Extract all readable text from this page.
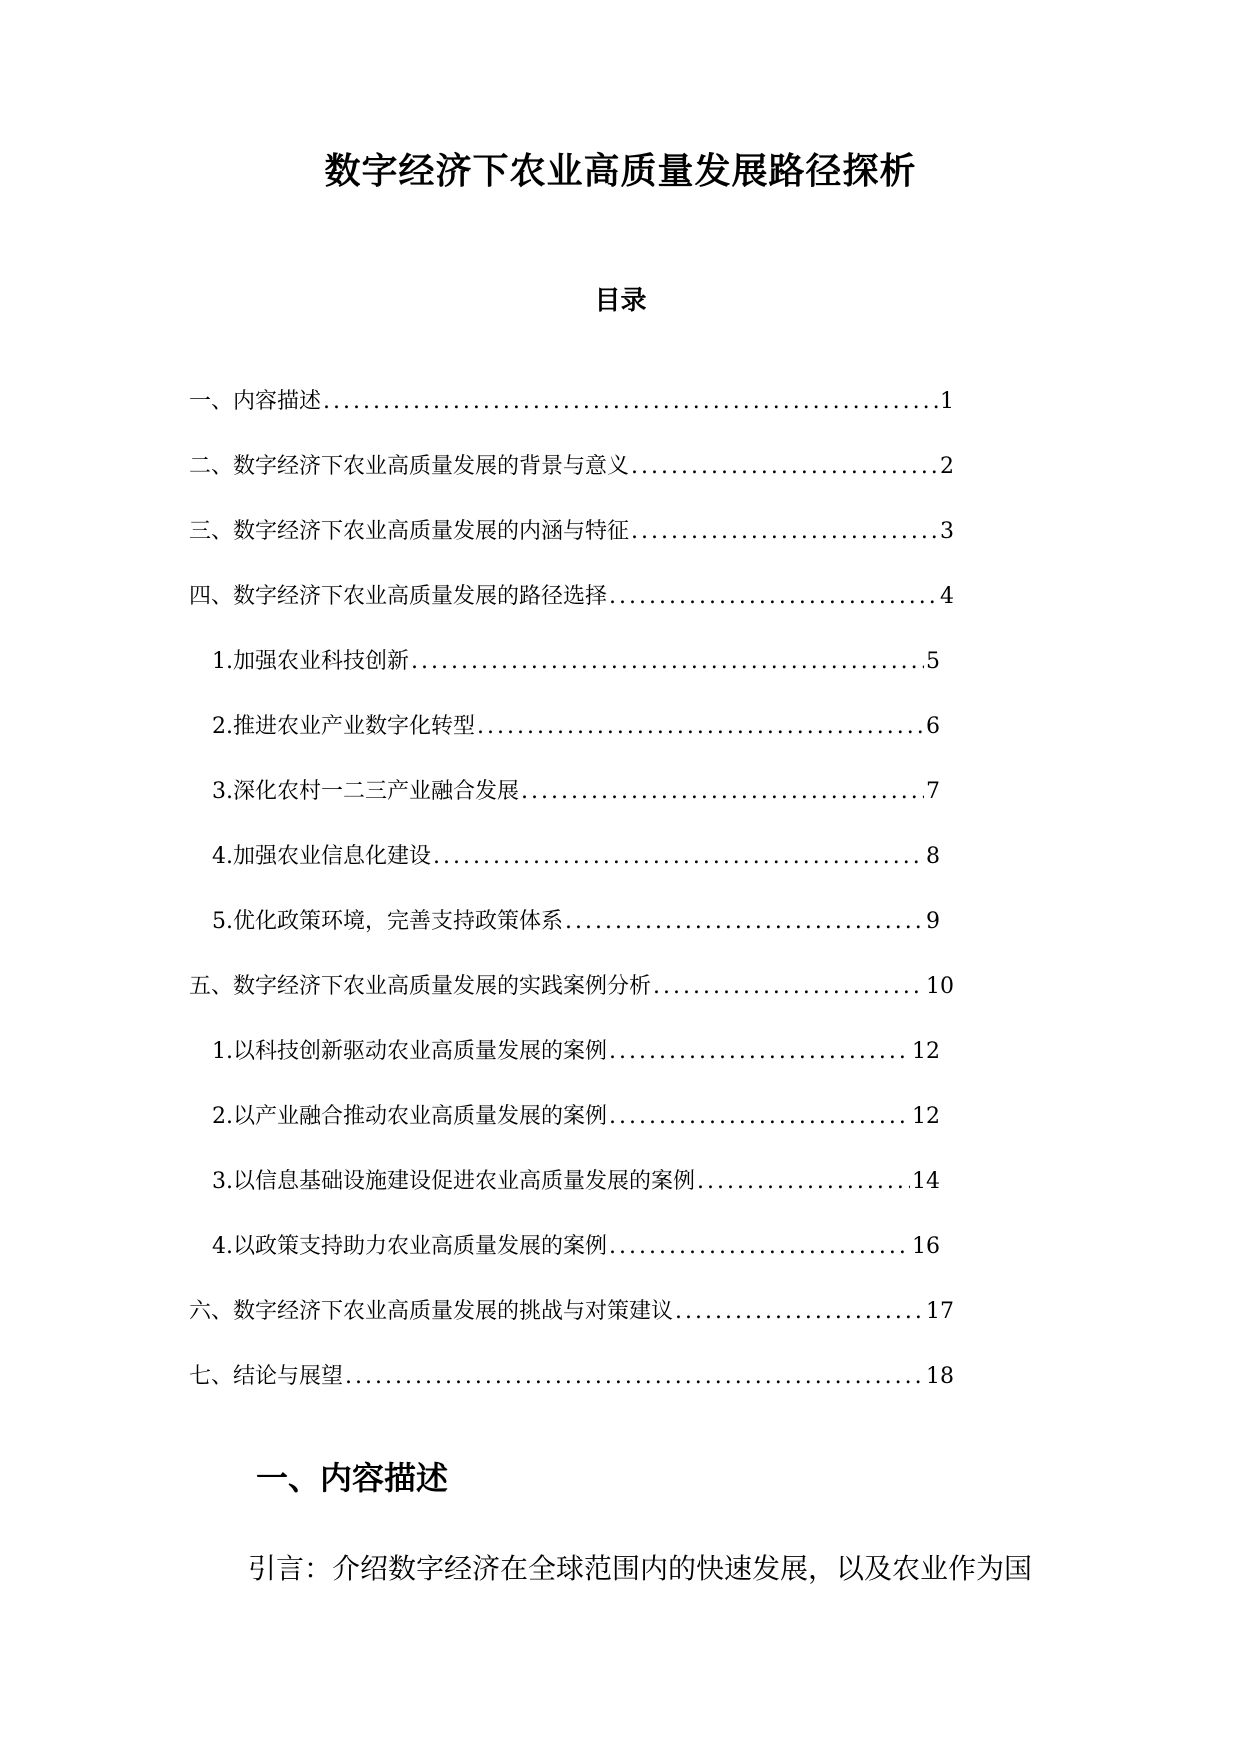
数字经济下农业高质量发展路径探析
目录
一、内容描述 .....	1
二、数字经济下农业高质量发展的背景与意义 .....	2
三、数字经济下农业高质量发展的内涵与特征 .....	3
四、数字经济下农业高质量发展的路径选择 .....	4
1. 加强农业科技创新 .....	5
2. 推进农业产业数字化转型 .....	6
3. 深化农村一二三产业融合发展 .....	7
4. 加强农业信息化建设 .....	8
5. 优化政策环境，完善支持政策体系 .....	9
五、数字经济下农业高质量发展的实践案例分析 .....	10
1. 以科技创新驱动农业高质量发展的案例 .....	12
2. 以产业融合推动农业高质量发展的案例 .....	12
3. 以信息基础设施建设促进农业高质量发展的案例 .....	14
4. 以政策支持助力农业高质量发展的案例 .....	16
六、数字经济下农业高质量发展的挑战与对策建议 .....	17
七、结论与展望 .....	18
一、内容描述

引言：介绍数字经济在全球范围内的快速发展，以及农业作为国
